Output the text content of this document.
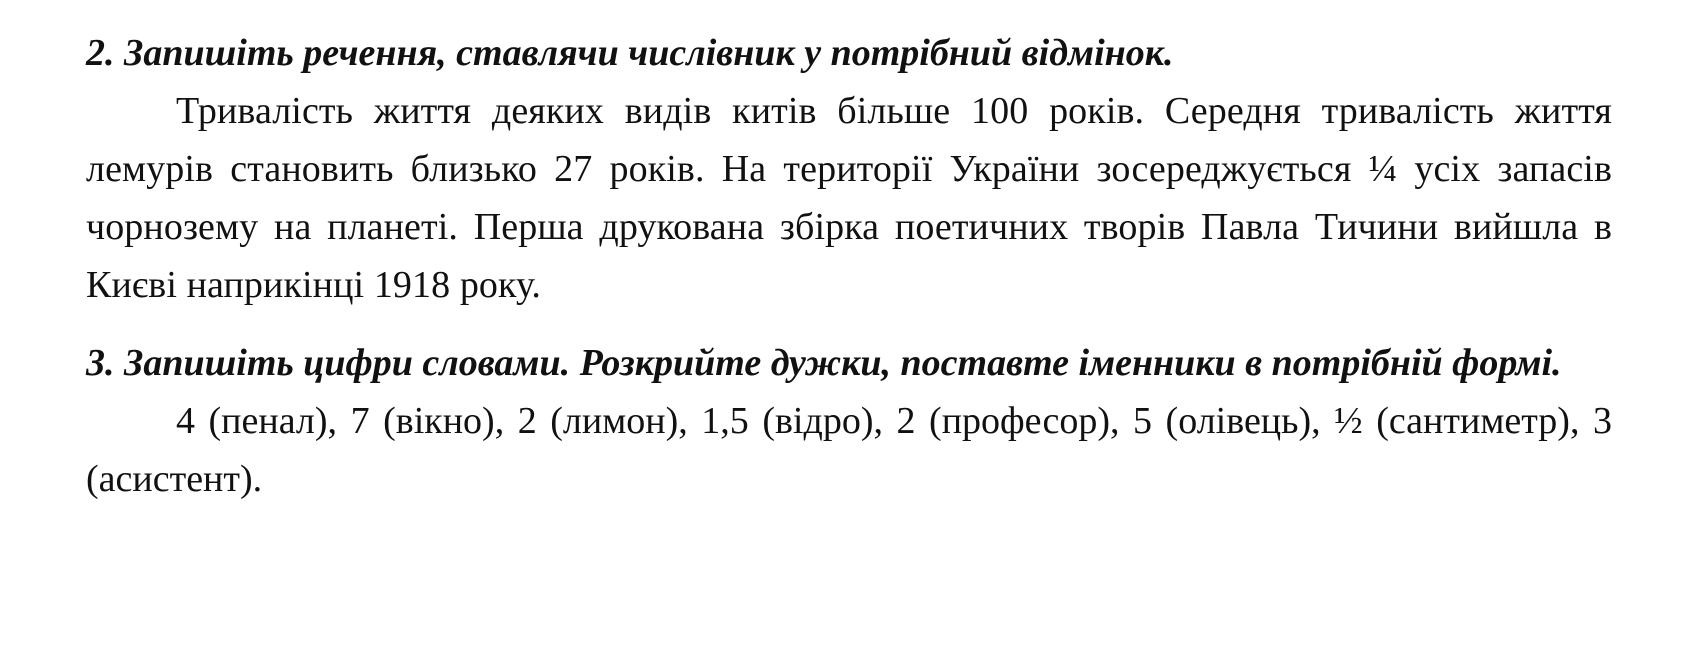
2. Запишіть речення, ставлячи числівник у потрібний відмінок.

Тривалість життя деяких видів китів більше 100 років. Середня тривалість життя лемурів становить близько 27 років. На території України зосереджується ¼ усіх запасів чорнозему на планеті. Перша друкована збірка поетичних творів Павла Тичини вийшла в Києві наприкінці 1918 року.

3. Запишіть цифри словами. Розкрийте дужки, поставте іменники в потрібній формі.

4 (пенал), 7 (вікно), 2 (лимон), 1,5 (відро), 2 (професор), 5 (олівець), ½ (сантиметр), 3 (асистент).
